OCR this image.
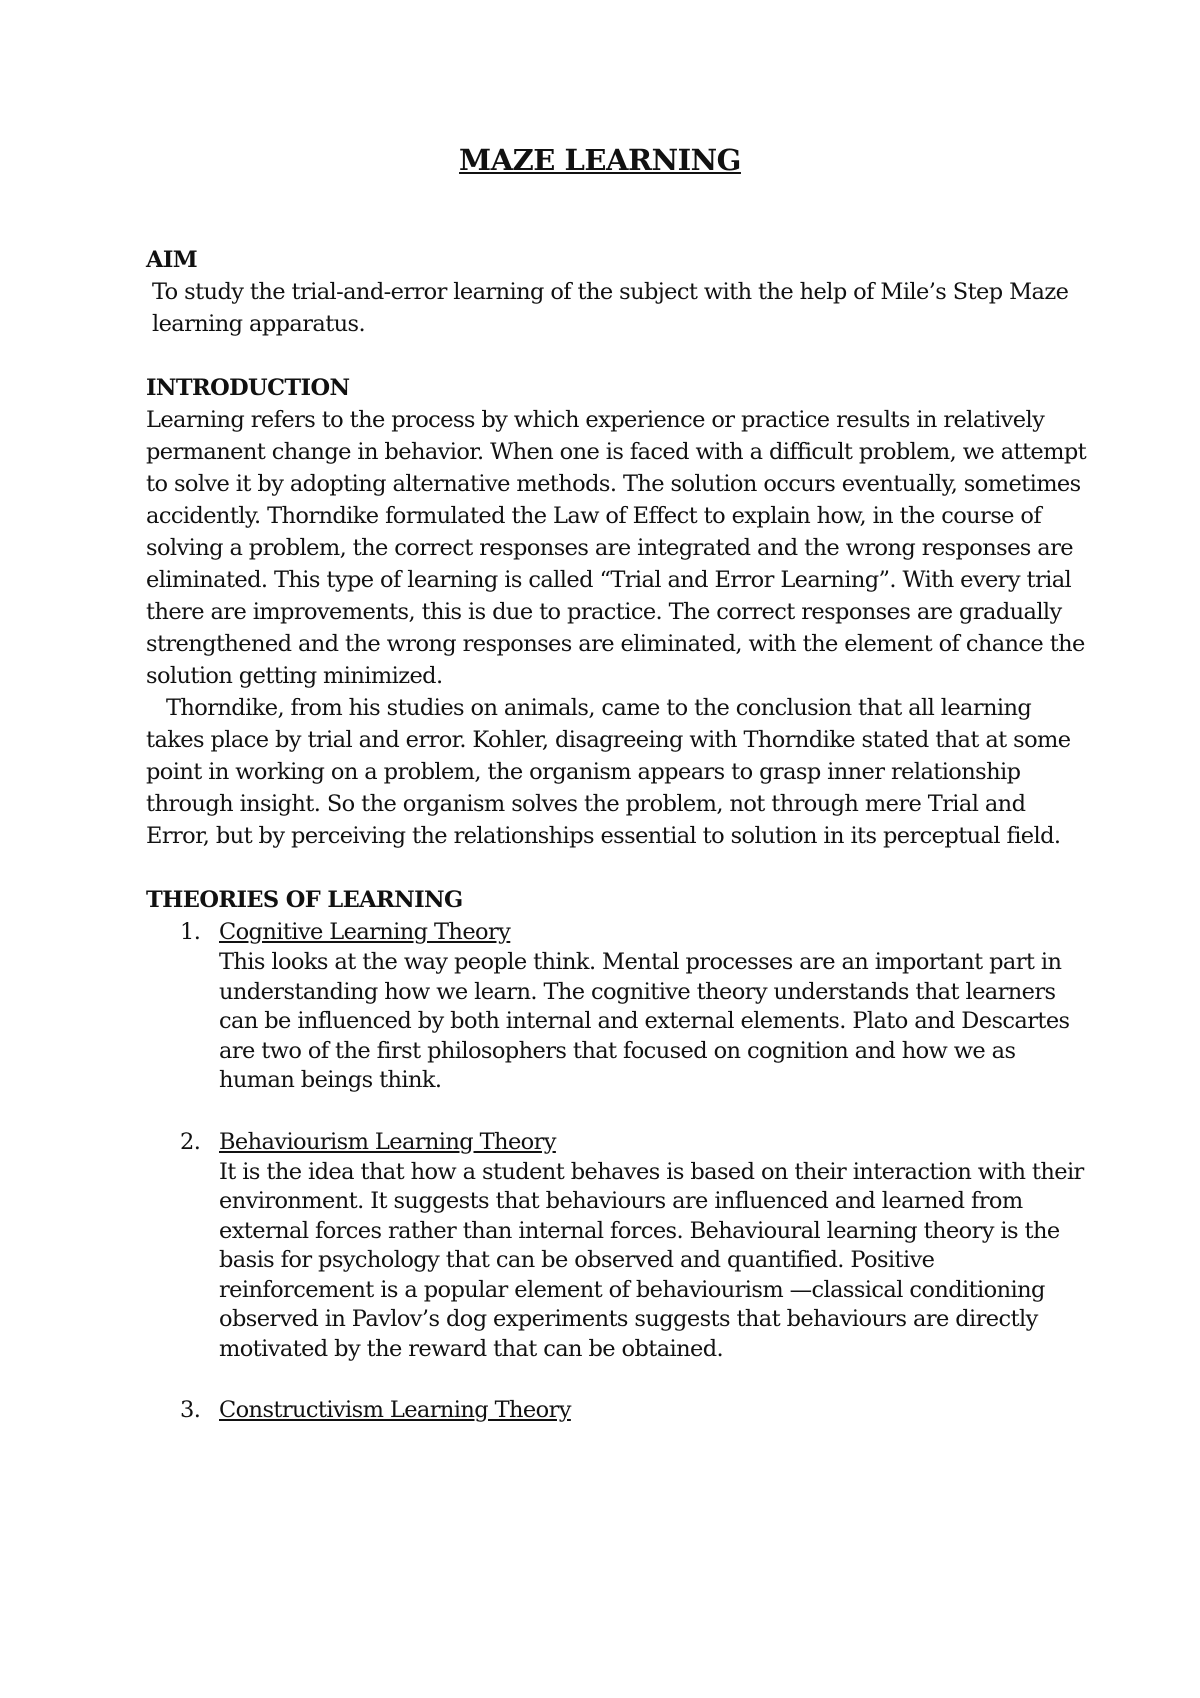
MAZE LEARNING

AIM

To study the trial-and-error learning of the subject with the help of Mile’s Step Maze learning apparatus.

INTRODUCTION

Learning refers to the process by which experience or practice results in relatively permanent change in behavior. When one is faced with a difficult problem, we attempt to solve it by adopting alternative methods. The solution occurs eventually, sometimes accidently. Thorndike formulated the Law of Effect to explain how, in the course of solving a problem, the correct responses are integrated and the wrong responses are eliminated. This type of learning is called “Trial and Error Learning”. With every trial there are improvements, this is due to practice. The correct responses are gradually strengthened and the wrong responses are eliminated, with the element of chance the solution getting minimized.

Thorndike, from his studies on animals, came to the conclusion that all learning takes place by trial and error. Kohler, disagreeing with Thorndike stated that at some point in working on a problem, the organism appears to grasp inner relationship through insight. So the organism solves the problem, not through mere Trial and Error, but by perceiving the relationships essential to solution in its perceptual field.

THEORIES OF LEARNING

1. Cognitive Learning Theory

This looks at the way people think. Mental processes are an important part in understanding how we learn. The cognitive theory understands that learners can be influenced by both internal and external elements. Plato and Descartes are two of the first philosophers that focused on cognition and how we as human beings think.

2. Behaviourism Learning Theory

It is the idea that how a student behaves is based on their interaction with their environment. It suggests that behaviours are influenced and learned from external forces rather than internal forces. Behavioural learning theory is the basis for psychology that can be observed and quantified. Positive reinforcement is a popular element of behaviourism —classical conditioning observed in Pavlov’s dog experiments suggests that behaviours are directly motivated by the reward that can be obtained.

3. Constructivism Learning Theory
